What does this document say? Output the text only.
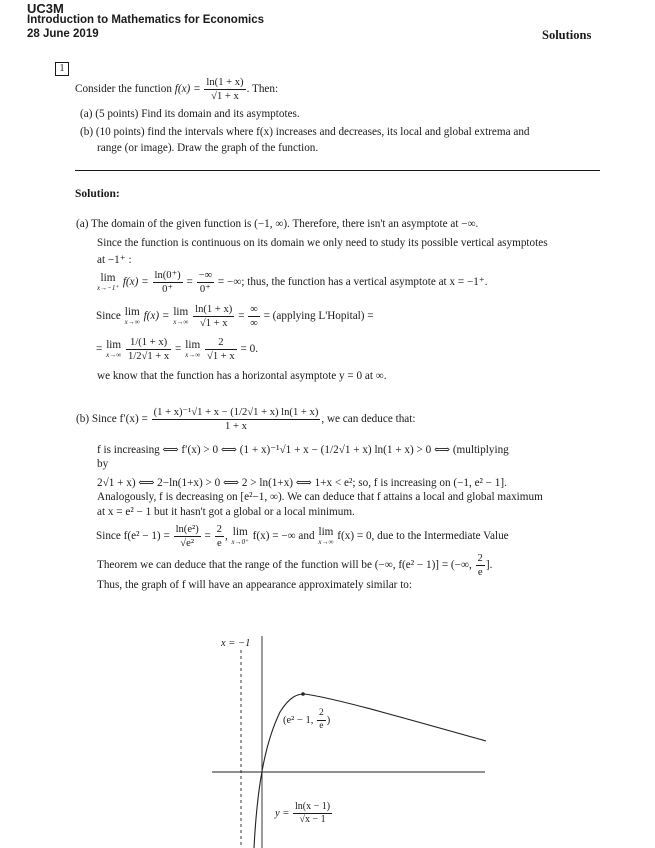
UC3M
Introduction to Mathematics for Economics
28 June 2019	Solutions
1
Consider the function $f(x) = \frac{\ln(1 + x)}{√1 + x}$ . Then:
(a) (5 points) Find its domain and its asymptotes.
(b) (10 points) find the intervals where f(x) increases and decreases, its local and global extrema and
range (or image). Draw the graph of the function.
Solution:
(a) The domain of the given function is (−1, ∞). Therefore, there isn't an asymptote at −∞.
Since the function is continuous on its domain we only need to study its possible vertical asymptotes
at −1⁺ :
lim
x→−1⁺ $f(x) = \frac{\ln(0^+)}{0^+} = \frac{-\infty}{0^+}$ = −∞; thus, the function has a vertical asymptote at x = −1⁺.
Since lim
x→∞ f(x) = lim
x→∞
$\frac{\ln(1 + x)}{√1 + x} = \frac{\infty}{\infty}$ = (applying L'Hopital) =
= lim
x→∞
$\frac{1/(1 + x)}{1/2√1 + x} = \lim$
x→∞
$\frac{2}{√1 + x} = 0$.
we know that the function has a horizontal asymptote y = 0 at ∞.
(b) Since $f'(x) = \frac{\text{(1 + x)⁻¹√1 + x − (1/2√1 + x) ln(1 + x)}}{1 + x}$ , we can deduce that:
f is increasing ⟺ f′(x) > 0 ⟺ (1 + x)⁻¹√1 + x − (1/2√1 + x) ln(1 + x) > 0 ⟺ (multiplying
by
2√1 + x) ⟺ 2−ln(1+x) > 0 ⟺ 2 > ln(1+x) ⟺ 1+x < e²; so, f is increasing on (−1, e² − 1].
Analogously, f is decreasing on [e²−1, ∞). We can deduce that f attains a local and global maximum
at x = e² − 1 but it hasn't got a global or a local minimum.
Since $f(e^2 - 1) = \frac{\text{ln(e²)}}{\text{√e²}} = \frac{2}{e}$ , lim
x→0⁺ f(x) = −∞ and lim
x→∞ f(x) = 0, due to the Intermediate Value
Theorem we can deduce that the range of the function will be (−∞, f(e² − 1)] = (−∞, $\frac{2}{e}$ ].
Thus, the graph of f will have an appearance approximately similar to:
x = −1
(e² − 1, $\frac{2}{e}$ )
$y = \frac{\ln(x - 1)}{√x - 1}$
